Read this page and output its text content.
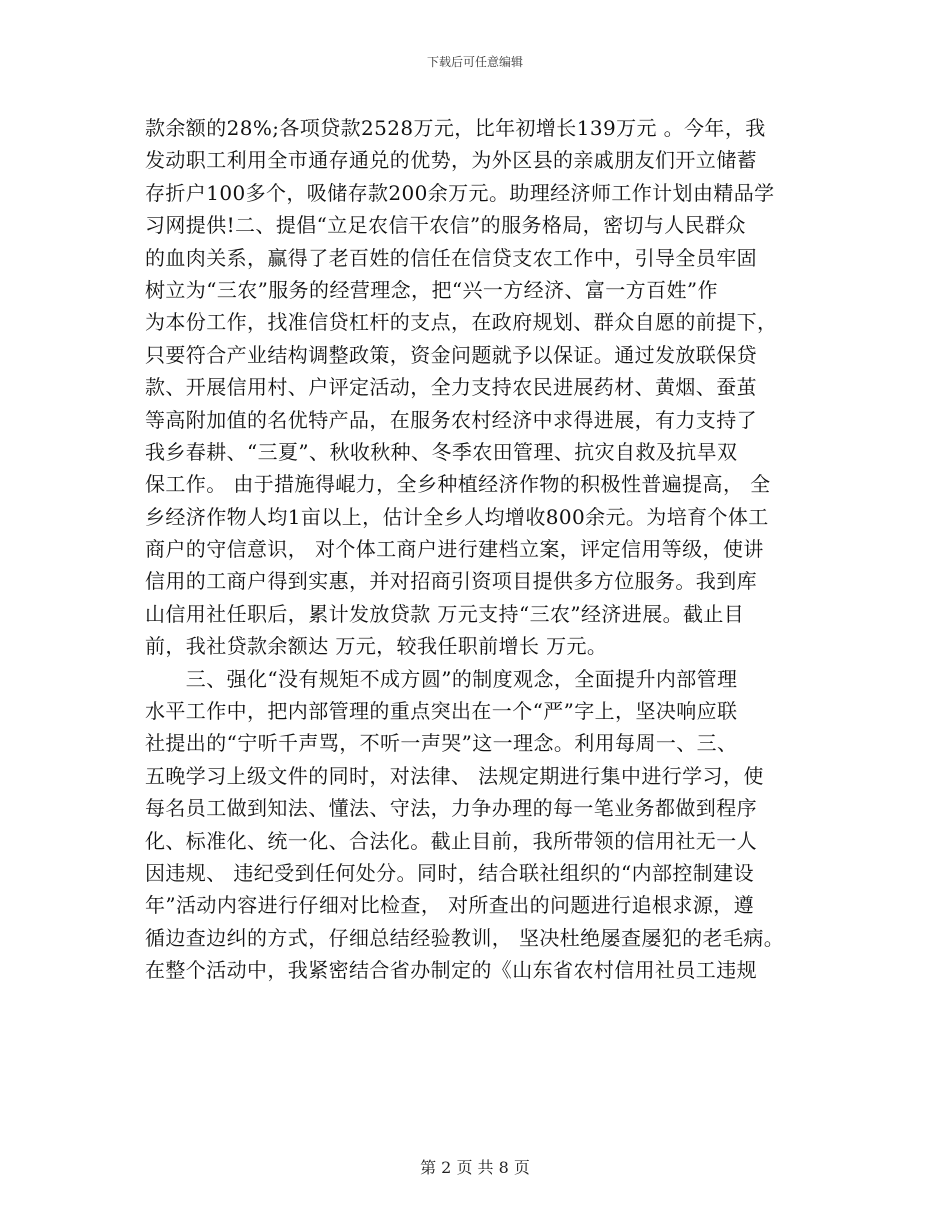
下载后可任意编辑
款余额的28%;各项贷款2528万元，比年初增长139万元 。今年，我
发动职工利用全市通存通兑的优势，为外区县的亲戚朋友们开立储蓄
存折户100多个，吸储存款200余万元。助理经济师工作计划由精品学
习网提供!二、提倡“立足农信干农信”的服务格局，密切与人民群众
的血肉关系，赢得了老百姓的信任在信贷支农工作中，引导全员牢固
树立为“三农”服务的经营理念，把“兴一方经济、富一方百姓”作
为本份工作，找准信贷杠杆的支点，在政府规划、群众自愿的前提下，
只要符合产业结构调整政策，资金问题就予以保证。通过发放联保贷
款、开展信用村、户评定活动，全力支持农民进展药材、黄烟、蚕茧
等高附加值的名优特产品，在服务农村经济中求得进展，有力支持了
我乡春耕、“三夏”、秋收秋种、冬季农田管理、抗灾自救及抗旱双
保工作。 由于措施得崐力，全乡种植经济作物的积极性普遍提高， 全
乡经济作物人均1亩以上，估计全乡人均增收800余元。为培育个体工
商户的守信意识， 对个体工商户进行建档立案，评定信用等级，使讲
信用的工商户得到实惠，并对招商引资项目提供多方位服务。我到库
山信用社任职后，累计发放贷款 万元支持“三农”经济进展。截止目
前，我社贷款余额达 万元，较我任职前增长 万元。
　　三、强化“没有规矩不成方圆”的制度观念，全面提升内部管理
水平工作中，把内部管理的重点突出在一个“严”字上，坚决响应联
社提出的“宁听千声骂，不听一声哭”这一理念。利用每周一、三、
五晚学习上级文件的同时，对法律、 法规定期进行集中进行学习，使
每名员工做到知法、懂法、守法，力争办理的每一笔业务都做到程序
化、标准化、统一化、合法化。截止目前，我所带领的信用社无一人
因违规、 违纪受到任何处分。同时，结合联社组织的“内部控制建设
年”活动内容进行仔细对比检查， 对所查出的问题进行追根求源，遵
循边查边纠的方式，仔细总结经验教训， 坚决杜绝屡查屡犯的老毛病。
在整个活动中，我紧密结合省办制定的《山东省农村信用社员工违规
第 2 页 共 8 页
